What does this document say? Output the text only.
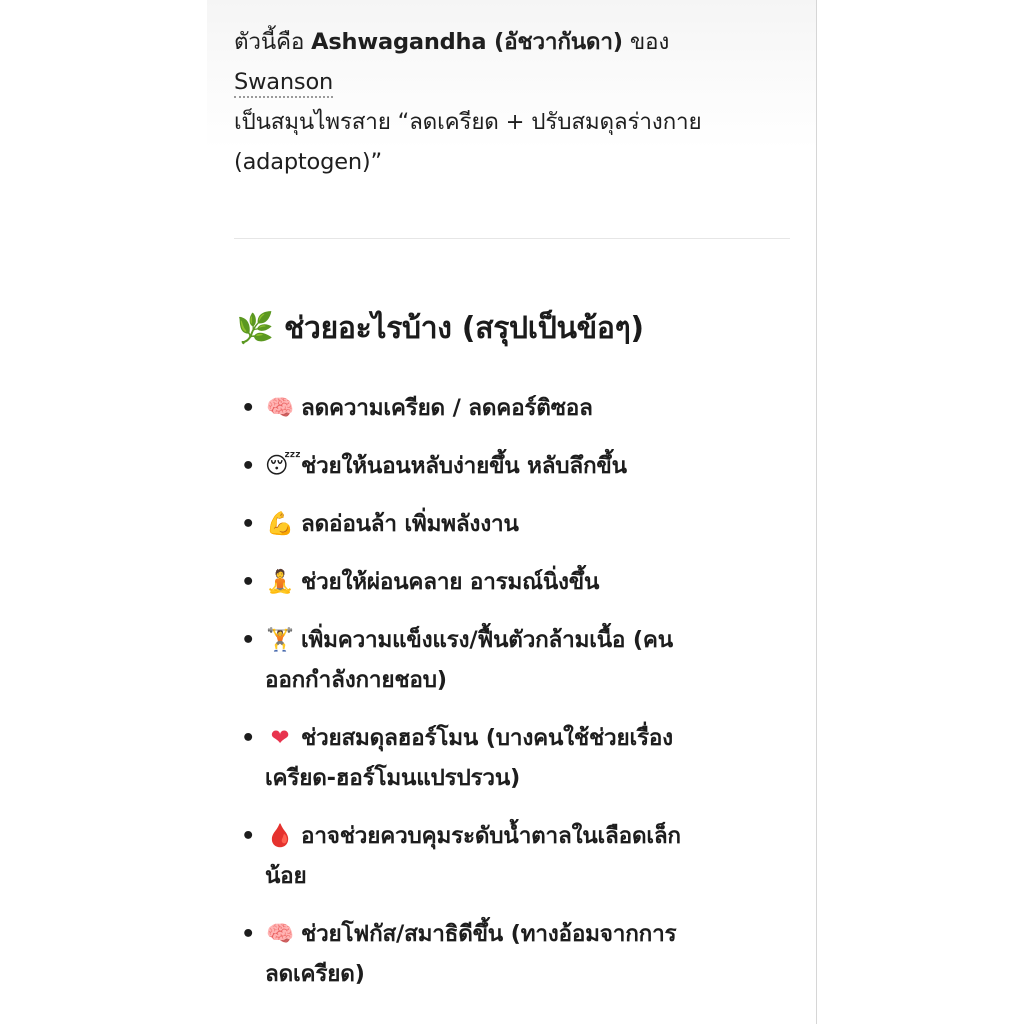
ตัวนี้คือ Ashwagandha (อัชวากันดา) ของ
Swanson
เป็นสมุนไพรสาย “ลดเครียด + ปรับสมดุลร่างกาย
(adaptogen)”
🌿 ช่วยอะไรบ้าง (สรุปเป็นข้อๆ)
• 🧠 ลดความเครียด / ลดคอร์ติซอล
• 😴ช่วยให้นอนหลับง่ายขึ้น หลับลึกขึ้น
• 💪 ลดอ่อนล้า เพิ่มพลังงาน
• 🧘 ช่วยให้ผ่อนคลาย อารมณ์นิ่งขึ้น
• 🏋 เพิ่มความแข็งแรง/ฟื้นตัวกล้ามเนื้อ (คน
ออกกำลังกายชอบ)
• ❤ ช่วยสมดุลฮอร์โมน (บางคนใช้ช่วยเรื่อง
เครียด-ฮอร์โมนแปรปรวน)
• 🩸 อาจช่วยควบคุมระดับน้ำตาลในเลือดเล็ก
น้อย
• 🧠 ช่วยโฟกัส/สมาธิดีขึ้น (ทางอ้อมจากการ
ลดเครียด)
